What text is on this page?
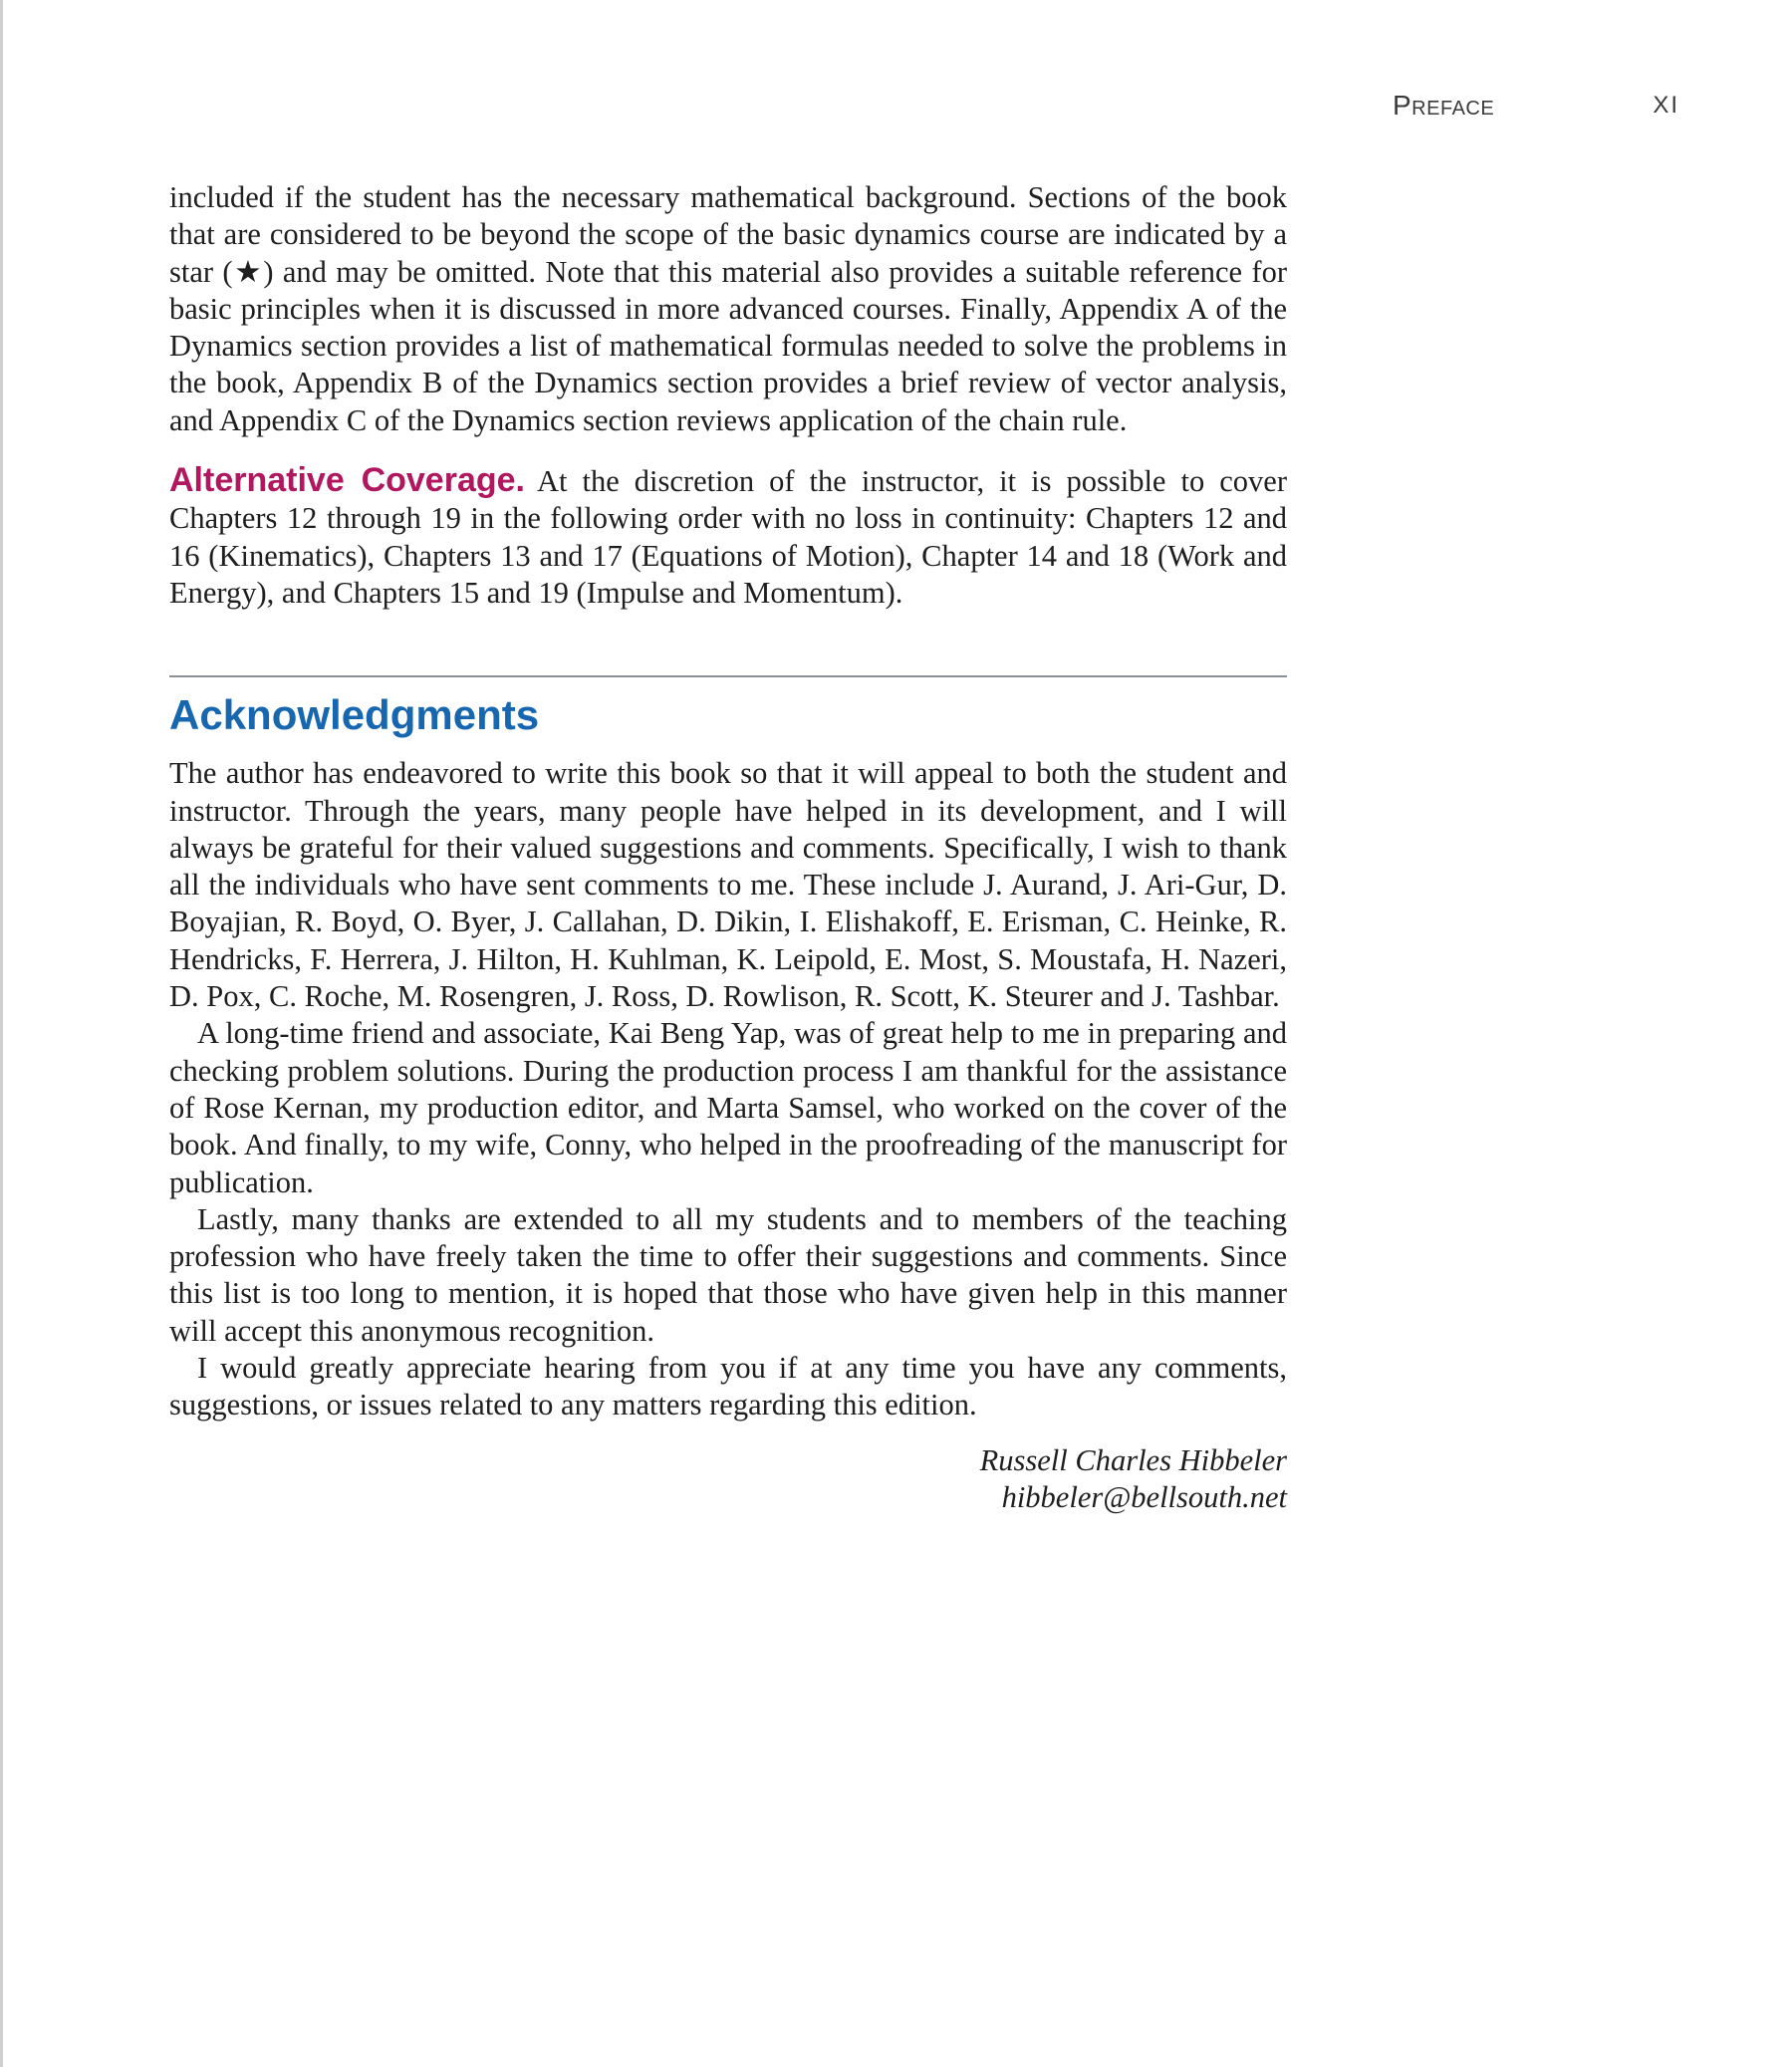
Preface	XI

included if the student has the necessary mathematical background. Sections of the book that are considered to be beyond the scope of the basic dynamics course are indicated by a star (★) and may be omitted. Note that this material also provides a suitable reference for basic principles when it is discussed in more advanced courses. Finally, Appendix A of the Dynamics section provides a list of mathematical formulas needed to solve the problems in the book, Appendix B of the Dynamics section provides a brief review of vector analysis, and Appendix C of the Dynamics section reviews application of the chain rule.

Alternative Coverage. At the discretion of the instructor, it is possible to cover Chapters 12 through 19 in the following order with no loss in continuity: Chapters 12 and 16 (Kinematics), Chapters 13 and 17 (Equations of Motion), Chapter 14 and 18 (Work and Energy), and Chapters 15 and 19 (Impulse and Momentum).

Acknowledgments

The author has endeavored to write this book so that it will appeal to both the student and instructor. Through the years, many people have helped in its development, and I will always be grateful for their valued suggestions and comments. Specifically, I wish to thank all the individuals who have sent comments to me. These include J. Aurand, J. Ari-Gur, D. Boyajian, R. Boyd, O. Byer, J. Callahan, D. Dikin, I. Elishakoff, E. Erisman, C. Heinke, R. Hendricks, F. Herrera, J. Hilton, H. Kuhlman, K. Leipold, E. Most, S. Moustafa, H. Nazeri, D. Pox, C. Roche, M. Rosengren, J. Ross, D. Rowlison, R. Scott, K. Steurer and J. Tashbar.

A long-time friend and associate, Kai Beng Yap, was of great help to me in preparing and checking problem solutions. During the production process I am thankful for the assistance of Rose Kernan, my production editor, and Marta Samsel, who worked on the cover of the book. And finally, to my wife, Conny, who helped in the proofreading of the manuscript for publication.

Lastly, many thanks are extended to all my students and to members of the teaching profession who have freely taken the time to offer their suggestions and comments. Since this list is too long to mention, it is hoped that those who have given help in this manner will accept this anonymous recognition.

I would greatly appreciate hearing from you if at any time you have any comments, suggestions, or issues related to any matters regarding this edition.

Russell Charles Hibbeler
hibbeler@bellsouth.net
